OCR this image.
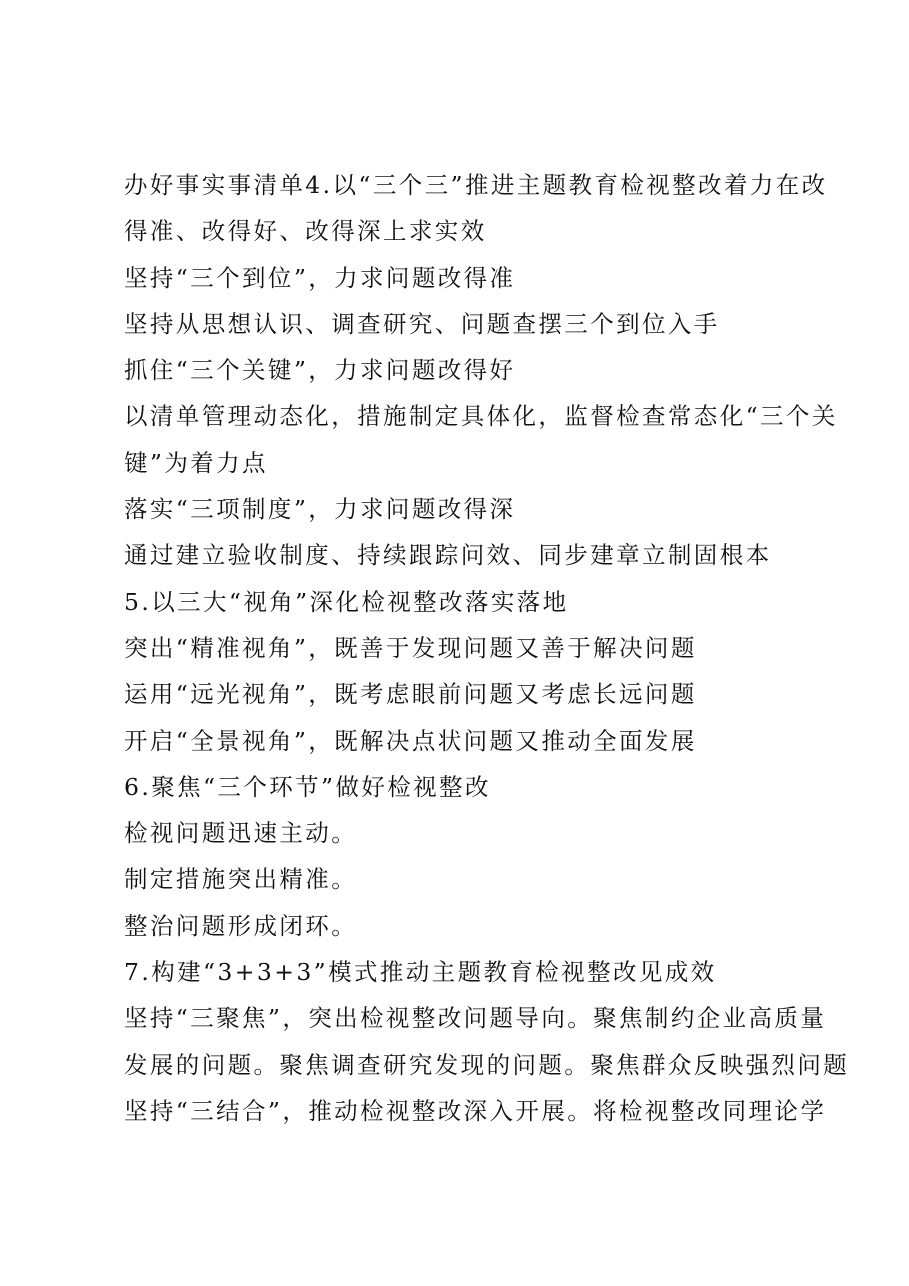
办好事实事清单4.以“三个三”推进主题教育检视整改着力在改
得准、改得好、改得深上求实效
坚持“三个到位”，力求问题改得准
坚持从思想认识、调查研究、问题查摆三个到位入手
抓住“三个关键”，力求问题改得好
以清单管理动态化，措施制定具体化，监督检查常态化“三个关
键”为着力点
落实“三项制度”，力求问题改得深
通过建立验收制度、持续跟踪问效、同步建章立制固根本
5.以三大“视角”深化检视整改落实落地
突出“精准视角”，既善于发现问题又善于解决问题
运用“远光视角”，既考虑眼前问题又考虑长远问题
开启“全景视角”，既解决点状问题又推动全面发展
6.聚焦“三个环节”做好检视整改
检视问题迅速主动。
制定措施突出精准。
整治问题形成闭环。
7.构建“3+3+3”模式推动主题教育检视整改见成效
坚持“三聚焦”，突出检视整改问题导向。聚焦制约企业高质量
发展的问题。聚焦调查研究发现的问题。聚焦群众反映强烈问题
坚持“三结合”，推动检视整改深入开展。将检视整改同理论学
